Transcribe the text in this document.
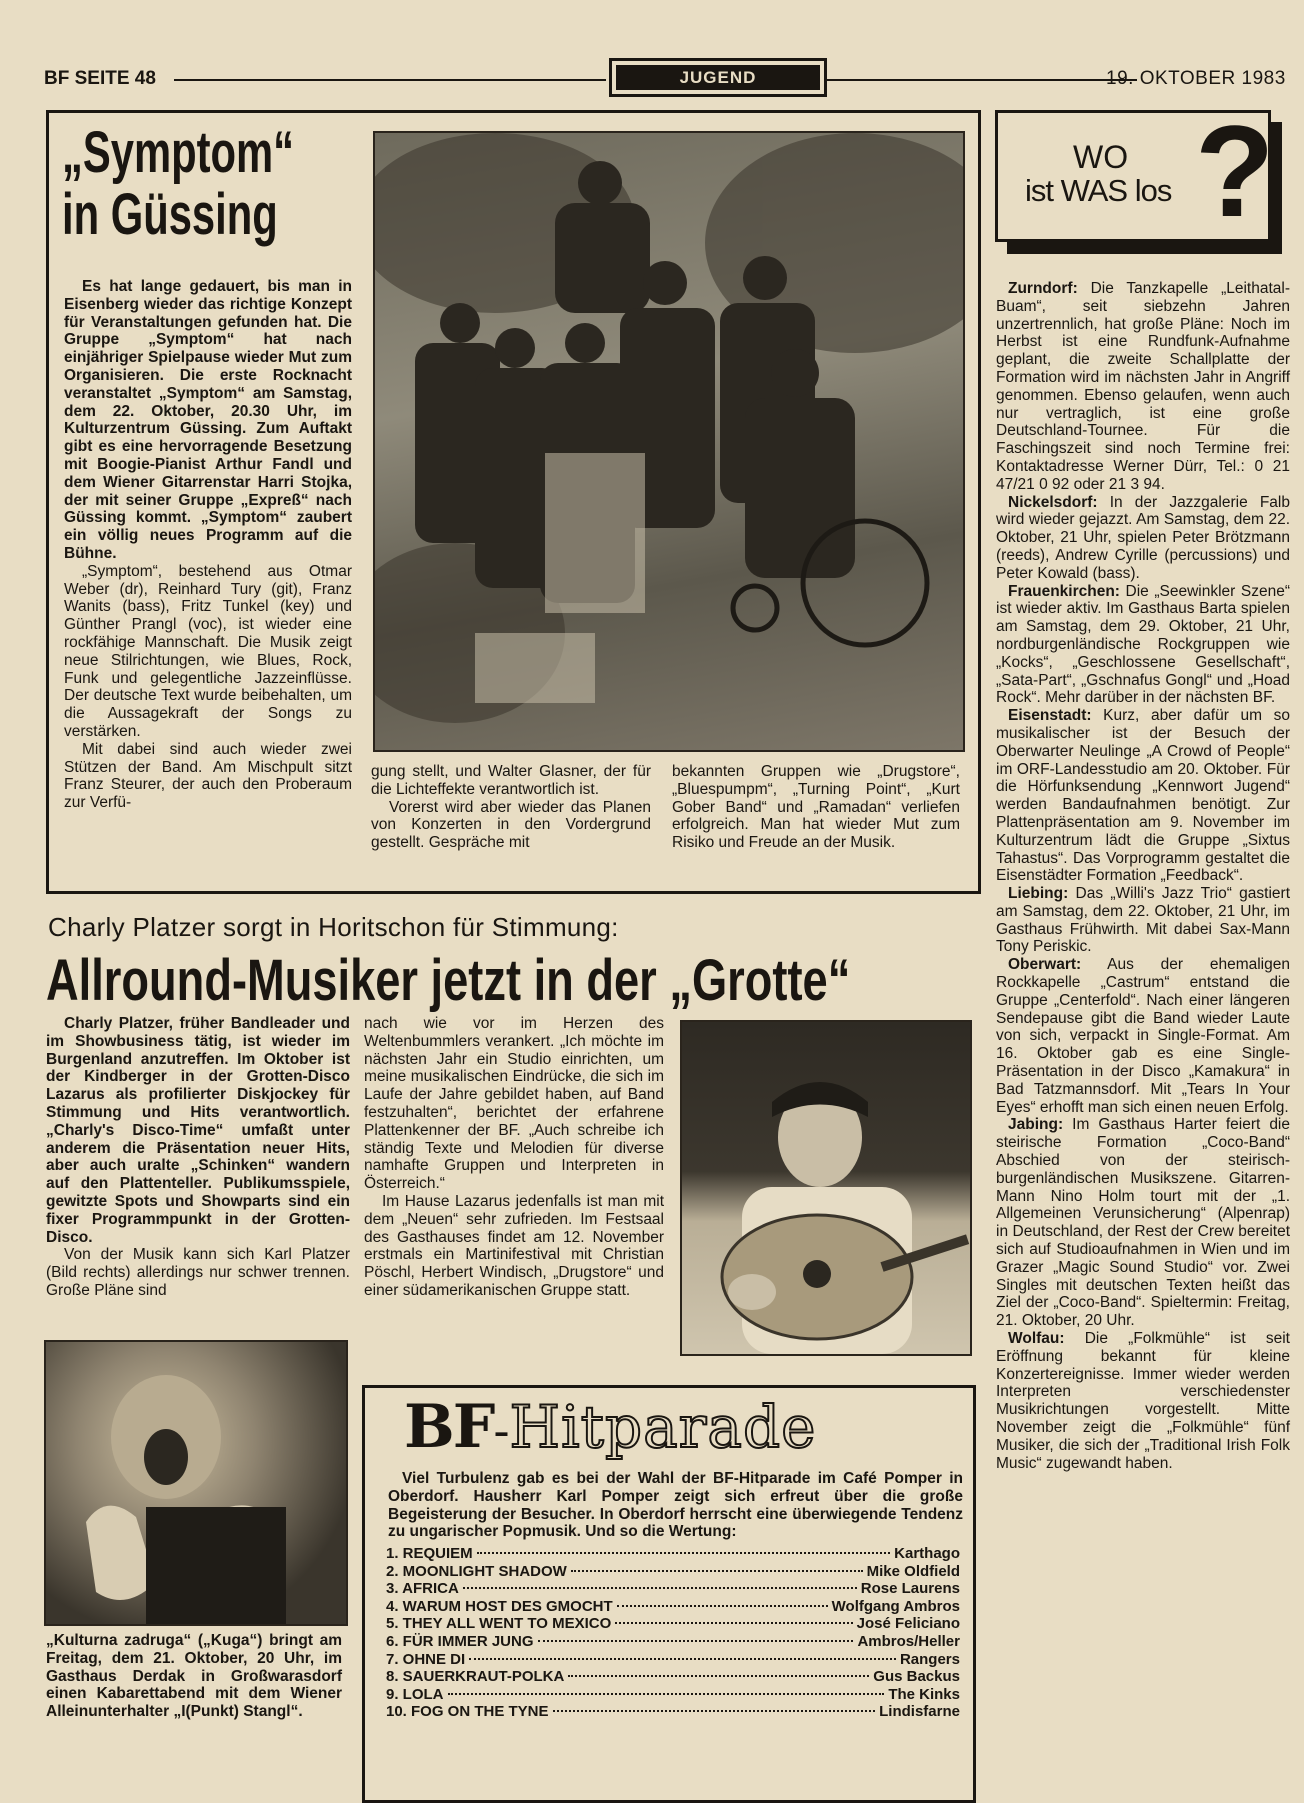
BF SEITE 48	JUGEND	19. OKTOBER 1983
„Symptom“
in Güssing

Es hat lange gedauert, bis man in Eisenberg wieder das richtige Konzept für Veranstaltungen gefunden hat. Die Gruppe „Symptom“ hat nach einjähriger Spielpause wieder Mut zum Organisieren. Die erste Rocknacht veranstaltet „Symptom“ am Samstag, dem 22. Oktober, 20.30 Uhr, im Kulturzentrum Güssing. Zum Auftakt gibt es eine hervorragende Besetzung mit Boogie-Pianist Arthur Fandl und dem Wiener Gitarrenstar Harri Stojka, der mit seiner Gruppe „Expreß“ nach Güssing kommt. „Symptom“ zaubert ein völlig neues Programm auf die Bühne.

„Symptom“, bestehend aus Otmar Weber (dr), Reinhard Tury (git), Franz Wanits (bass), Fritz Tunkel (key) und Günther Prangl (voc), ist wieder eine rockfähige Mannschaft. Die Musik zeigt neue Stilrichtungen, wie Blues, Rock, Funk und gelegentliche Jazzeinflüsse. Der deutsche Text wurde beibehalten, um die Aussagekraft der Songs zu verstärken.

Mit dabei sind auch wieder zwei Stützen der Band. Am Mischpult sitzt Franz Steurer, der auch den Proberaum zur Verfü-

gung stellt, und Walter Glasner, der für die Lichteffekte verantwortlich ist.

Vorerst wird aber wieder das Planen von Konzerten in den Vordergrund gestellt. Gespräche mit

bekannten Gruppen wie „Drugstore“, „Bluespumpm“, „Turning Point“, „Kurt Gober Band“ und „Ramadan“ verliefen erfolgreich. Man hat wieder Mut zum Risiko und Freude an der Musik.

WO
ist WAS los ?

Zurndorf: Die Tanzkapelle „Leithatal-Buam“, seit siebzehn Jahren unzertrennlich, hat große Pläne: Noch im Herbst ist eine Rundfunk-Aufnahme geplant, die zweite Schallplatte der Formation wird im nächsten Jahr in Angriff genommen. Ebenso gelaufen, wenn auch nur vertraglich, ist eine große Deutschland-Tournee. Für die Faschingszeit sind noch Termine frei: Kontaktadresse Werner Dürr, Tel.: 0 21 47/21 0 92 oder 21 3 94.

Nickelsdorf: In der Jazzgalerie Falb wird wieder gejazzt. Am Samstag, dem 22. Oktober, 21 Uhr, spielen Peter Brötzmann (reeds), Andrew Cyrille (percussions) und Peter Kowald (bass).

Frauenkirchen: Die „Seewinkler Szene“ ist wieder aktiv. Im Gasthaus Barta spielen am Samstag, dem 29. Oktober, 21 Uhr, nordburgenländische Rockgruppen wie „Kocks“, „Geschlossene Gesellschaft“, „Sata-Part“, „Gschnafus Gongl“ und „Hoad Rock“. Mehr darüber in der nächsten BF.

Eisenstadt: Kurz, aber dafür um so musikalischer ist der Besuch der Oberwarter Neulinge „A Crowd of People“ im ORF-Landesstudio am 20. Oktober. Für die Hörfunksendung „Kennwort Jugend“ werden Bandaufnahmen benötigt. Zur Plattenpräsentation am 9. November im Kulturzentrum lädt die Gruppe „Sixtus Tahastus“. Das Vorprogramm gestaltet die Eisenstädter Formation „Feedback“.

Liebing: Das „Willi's Jazz Trio“ gastiert am Samstag, dem 22. Oktober, 21 Uhr, im Gasthaus Frühwirth. Mit dabei Sax-Mann Tony Periskic.

Oberwart: Aus der ehemaligen Rockkapelle „Castrum“ entstand die Gruppe „Centerfold“. Nach einer längeren Sendepause gibt die Band wieder Laute von sich, verpackt in Single-Format. Am 16. Oktober gab es eine Single-Präsentation in der Disco „Kamakura“ in Bad Tatzmannsdorf. Mit „Tears In Your Eyes“ erhofft man sich einen neuen Erfolg.

Jabing: Im Gasthaus Harter feiert die steirische Formation „Coco-Band“ Abschied von der steirisch-burgenländischen Musikszene. Gitarren-Mann Nino Holm tourt mit der „1. Allgemeinen Verunsicherung“ (Alpenrap) in Deutschland, der Rest der Crew bereitet sich auf Studioaufnahmen in Wien und im Grazer „Magic Sound Studio“ vor. Zwei Singles mit deutschen Texten heißt das Ziel der „Coco-Band“. Spieltermin: Freitag, 21. Oktober, 20 Uhr.

Wolfau: Die „Folkmühle“ ist seit Eröffnung bekannt für kleine Konzertereignisse. Immer wieder werden Interpreten verschiedenster Musikrichtungen vorgestellt. Mitte November zeigt die „Folkmühle“ fünf Musiker, die sich der „Traditional Irish Folk Music“ zugewandt haben.

Charly Platzer sorgt in Horitschon für Stimmung:
Allround-Musiker jetzt in der „Grotte“

Charly Platzer, früher Bandleader und im Showbusiness tätig, ist wieder im Burgenland anzutreffen. Im Oktober ist der Kindberger in der Grotten-Disco Lazarus als profilierter Diskjockey für Stimmung und Hits verantwortlich. „Charly's Disco-Time“ umfaßt unter anderem die Präsentation neuer Hits, aber auch uralte „Schinken“ wandern auf den Plattenteller. Publikumsspiele, gewitzte Spots und Showparts sind ein fixer Programmpunkt in der Grotten-Disco.

Von der Musik kann sich Karl Platzer (Bild rechts) allerdings nur schwer trennen. Große Pläne sind

nach wie vor im Herzen des Weltenbummlers verankert. „Ich möchte im nächsten Jahr ein Studio einrichten, um meine musikalischen Eindrücke, die sich im Laufe der Jahre gebildet haben, auf Band festzuhalten“, berichtet der erfahrene Plattenkenner der BF. „Auch schreibe ich ständig Texte und Melodien für diverse namhafte Gruppen und Interpreten in Österreich.“

Im Hause Lazarus jedenfalls ist man mit dem „Neuen“ sehr zufrieden. Im Festsaal des Gasthauses findet am 12. November erstmals ein Martinifestival mit Christian Pöschl, Herbert Windisch, „Drugstore“ und einer südamerikanischen Gruppe statt.

„Kulturna zadruga“ („Kuga“) bringt am Freitag, dem 21. Oktober, 20 Uhr, im Gasthaus Derdak in Großwarasdorf einen Kabarettabend mit dem Wiener Alleinunterhalter „I(Punkt) Stangl“.
BF-Hitparade
Viel Turbulenz gab es bei der Wahl der BF-Hitparade im Café Pomper in Oberdorf. Hausherr Karl Pomper zeigt sich erfreut über die große Begeisterung der Besucher. In Oberdorf herrscht eine überwiegende Tendenz zu ungarischer Popmusik. Und so die Wertung:
1. REQUIEM	Karthago
2. MOONLIGHT SHADOW	Mike Oldfield
3. AFRICA	Rose Laurens
4. WARUM HOST DES GMOCHT	Wolfgang Ambros
5. THEY ALL WENT TO MEXICO	José Feliciano
6. FÜR IMMER JUNG	Ambros/Heller
7. OHNE DI	Rangers
8. SAUERKRAUT-POLKA	Gus Backus
9. LOLA	The Kinks
10. FOG ON THE TYNE	Lindisfarne
